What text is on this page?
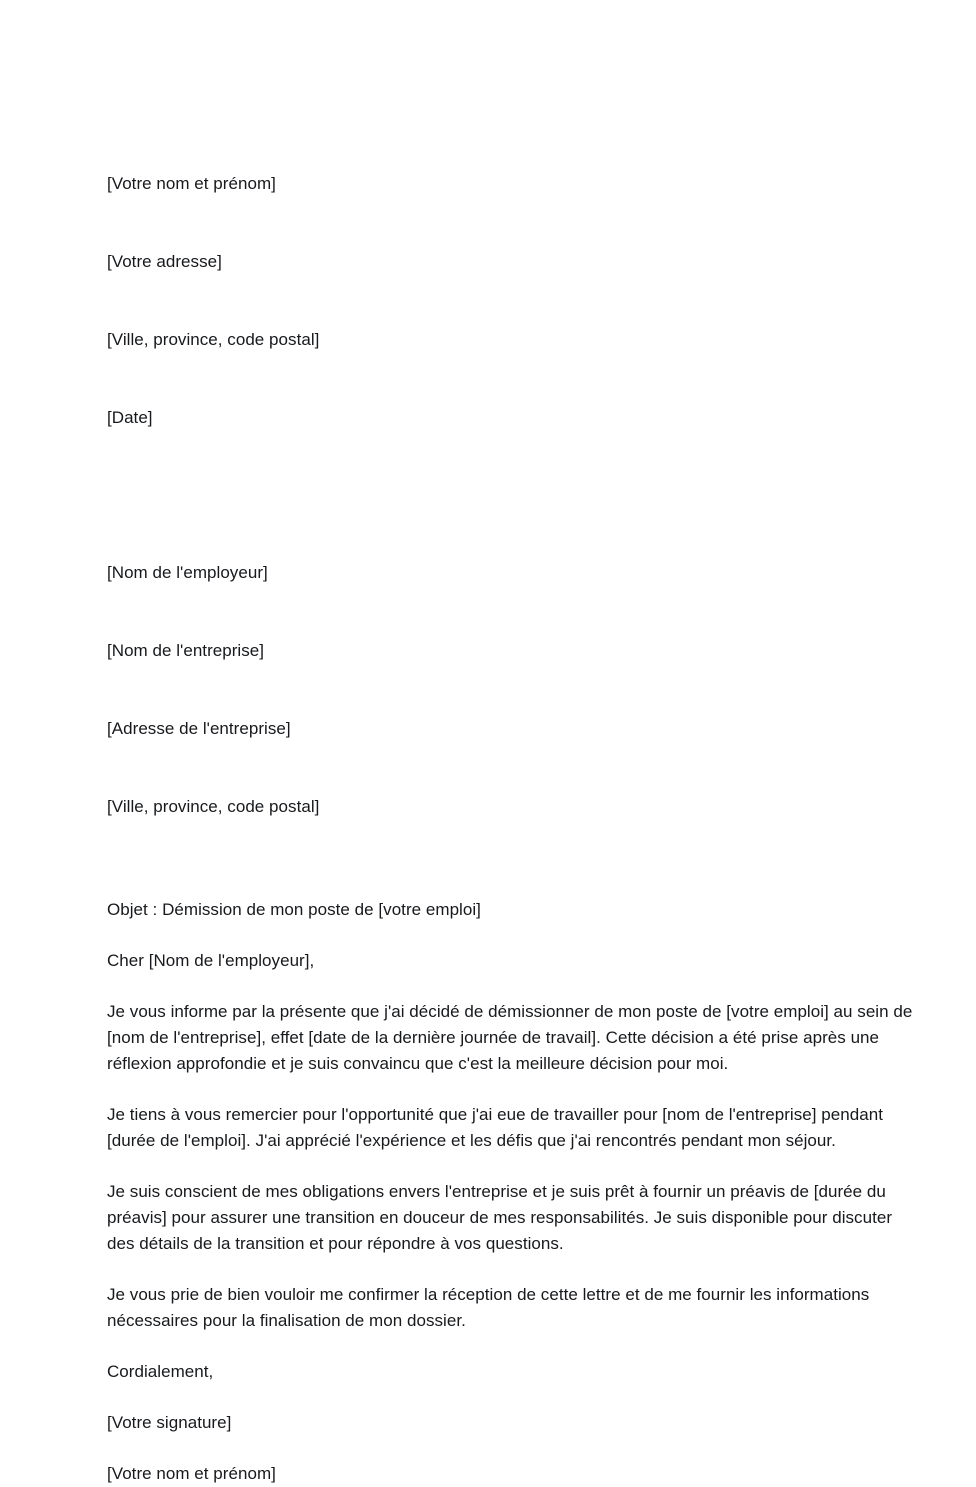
[Votre nom et prénom]

[Votre adresse]

[Ville, province, code postal]

[Date]

[Nom de l'employeur]

[Nom de l'entreprise]

[Adresse de l'entreprise]

[Ville, province, code postal]

Objet : Démission de mon poste de [votre emploi]

Cher [Nom de l'employeur],

Je vous informe par la présente que j'ai décidé de démissionner de mon poste de [votre emploi] au sein de [nom de l'entreprise], effet [date de la dernière journée de travail]. Cette décision a été prise après une réflexion approfondie et je suis convaincu que c'est la meilleure décision pour moi.

Je tiens à vous remercier pour l'opportunité que j'ai eue de travailler pour [nom de l'entreprise] pendant [durée de l'emploi]. J'ai apprécié l'expérience et les défis que j'ai rencontrés pendant mon séjour.

Je suis conscient de mes obligations envers l'entreprise et je suis prêt à fournir un préavis de [durée du préavis] pour assurer une transition en douceur de mes responsabilités. Je suis disponible pour discuter des détails de la transition et pour répondre à vos questions.

Je vous prie de bien vouloir me confirmer la réception de cette lettre et de me fournir les informations nécessaires pour la finalisation de mon dossier.

Cordialement,

[Votre signature]

[Votre nom et prénom]
